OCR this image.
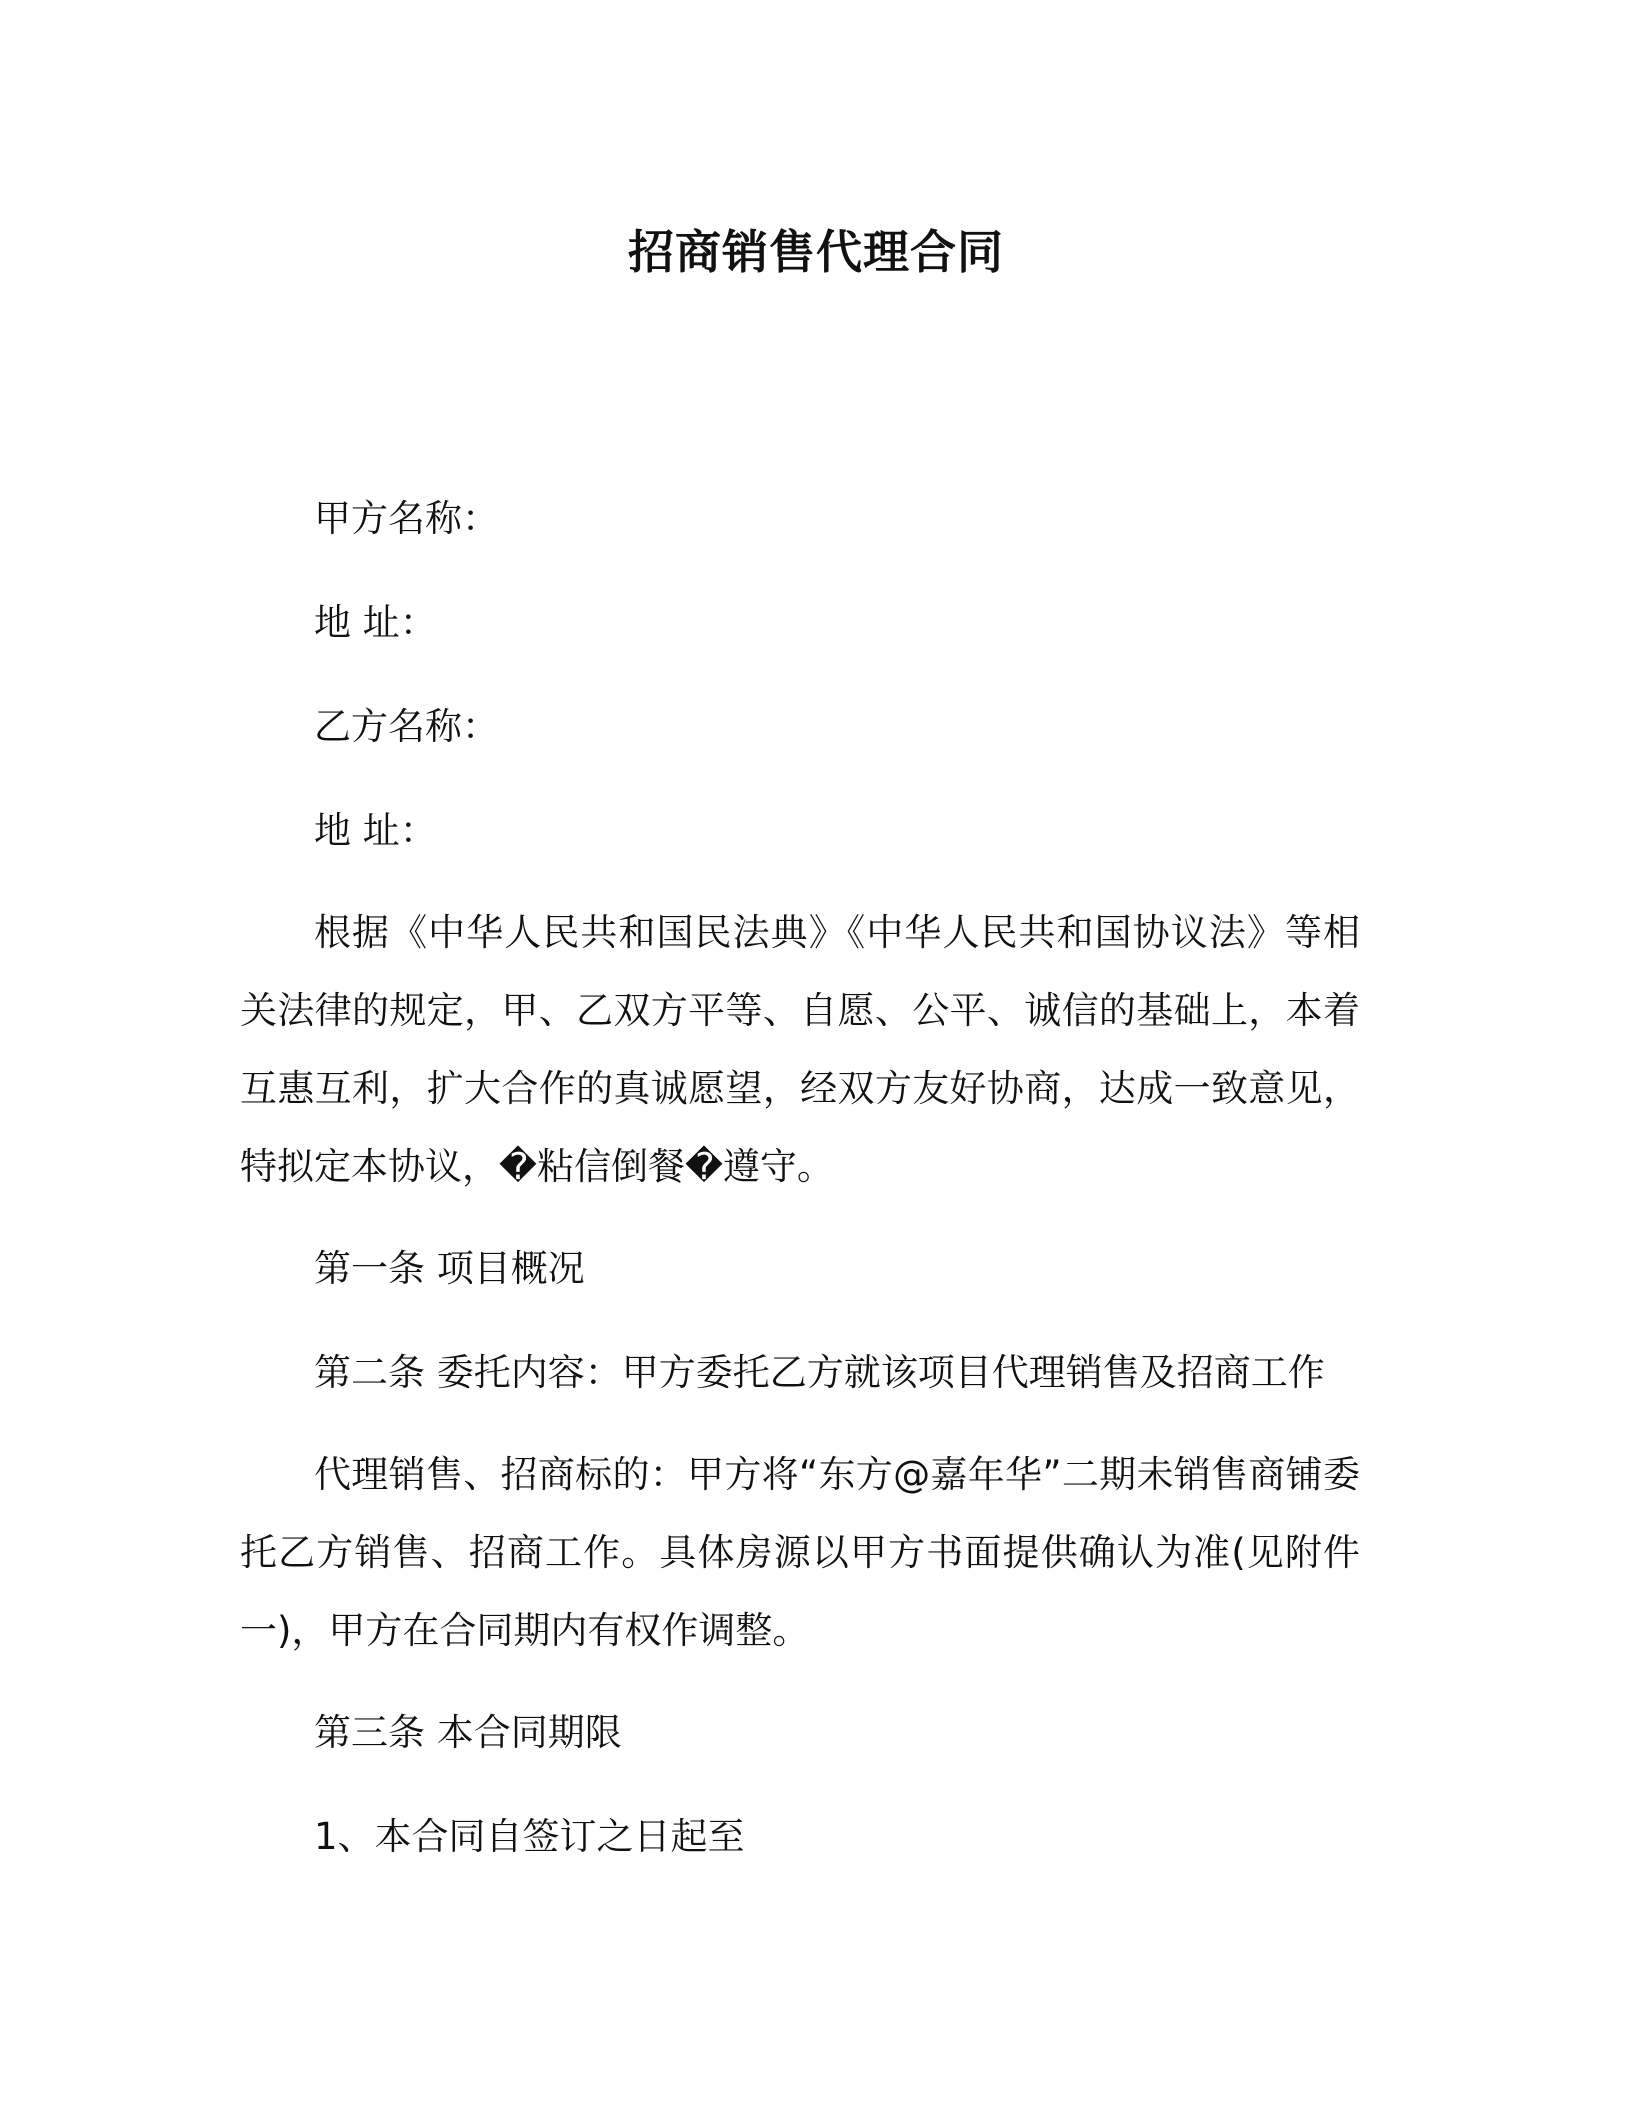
招商销售代理合同
甲方名称：
地 址：
乙方名称：
地 址：
根据《中华人民共和国民法典》《中华人民共和国协议法》等相关法律的规定，甲、乙双方平等、自愿、公平、诚信的基础上，本着互惠互利，扩大合作的真诚愿望，经双方友好协商，达成一致意见，特拟定本协议，�粘信倒餐�遵守。
第一条 项目概况
第二条 委托内容：甲方委托乙方就该项目代理销售及招商工作
代理销售、招商标的：甲方将“东方@嘉年华”二期未销售商铺委托乙方销售、招商工作。具体房源以甲方书面提供确认为准(见附件一)，甲方在合同期内有权作调整。
第三条 本合同期限
1、本合同自签订之日起至
